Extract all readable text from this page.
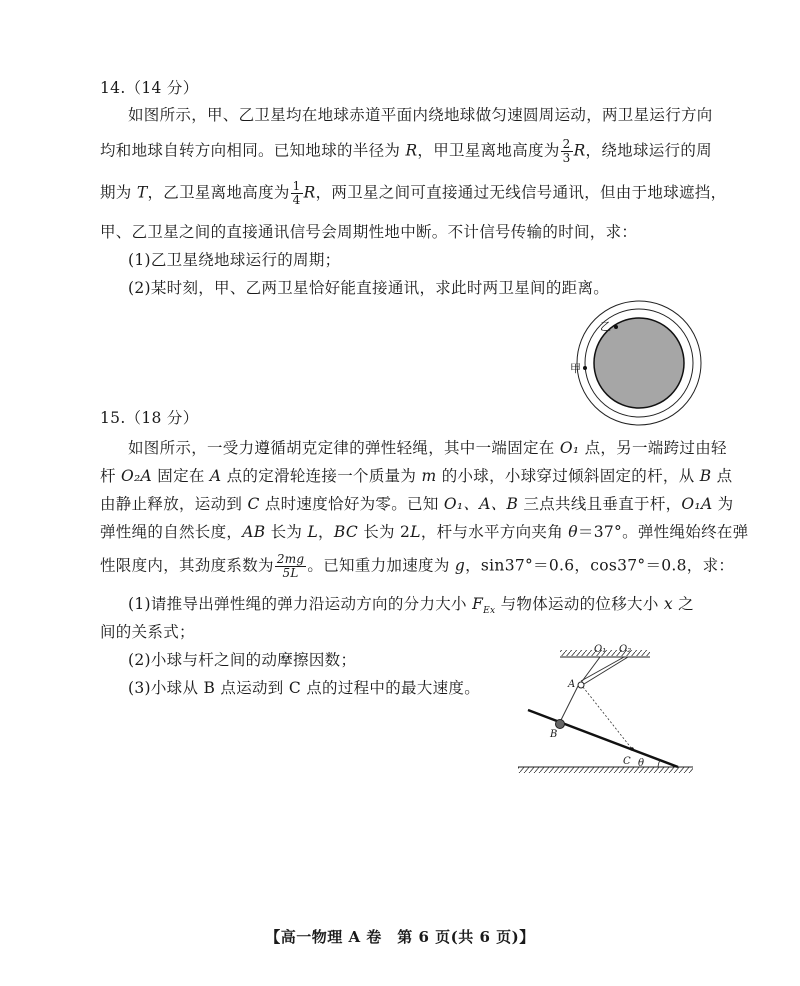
14.（14 分）
如图所示，甲、乙卫星均在地球赤道平面内绕地球做匀速圆周运动，两卫星运行方向
均和地球自转方向相同。已知地球的半径为 R，甲卫星离地高度为 $\frac{2}{3}$ R，绕地球运行的周
期为 T，乙卫星离地高度为 $\frac{1}{4}$ R，两卫星之间可直接通过无线信号通讯，但由于地球遮挡，
甲、乙卫星之间的直接通讯信号会周期性地中断。不计信号传输的时间，求：
(1)乙卫星绕地球运行的周期；
(2)某时刻，甲、乙两卫星恰好能直接通讯，求此时两卫星间的距离。
乙
甲
15.（18 分）
如图所示，一受力遵循胡克定律的弹性轻绳，其中一端固定在 O₁ 点，另一端跨过由轻
杆 O₂A 固定在 A 点的定滑轮连接一个质量为 m 的小球，小球穿过倾斜固定的杆，从 B 点
由静止释放，运动到 C 点时速度恰好为零。已知 O₁、A、B 三点共线且垂直于杆，O₁A 为
弹性绳的自然长度，AB 长为 L，BC 长为 2L，杆与水平方向夹角 θ＝37°。弹性绳始终在弹
性限度内，其劲度系数为 $\frac{2mg}{5L}$ 。已知重力加速度为 g，sin37°＝0.6，cos37°＝0.8，求：
(1)请推导出弹性绳的弹力沿运动方向的分力大小 $F_{Ex}$ 与物体运动的位移大小 x 之
间的关系式；
(2)小球与杆之间的动摩擦因数；
(3)小球从 B 点运动到 C 点的过程中的最大速度。
O₁ O₂
A
B
C θ
【高一物理 A 卷　第 6 页(共 6 页)】
